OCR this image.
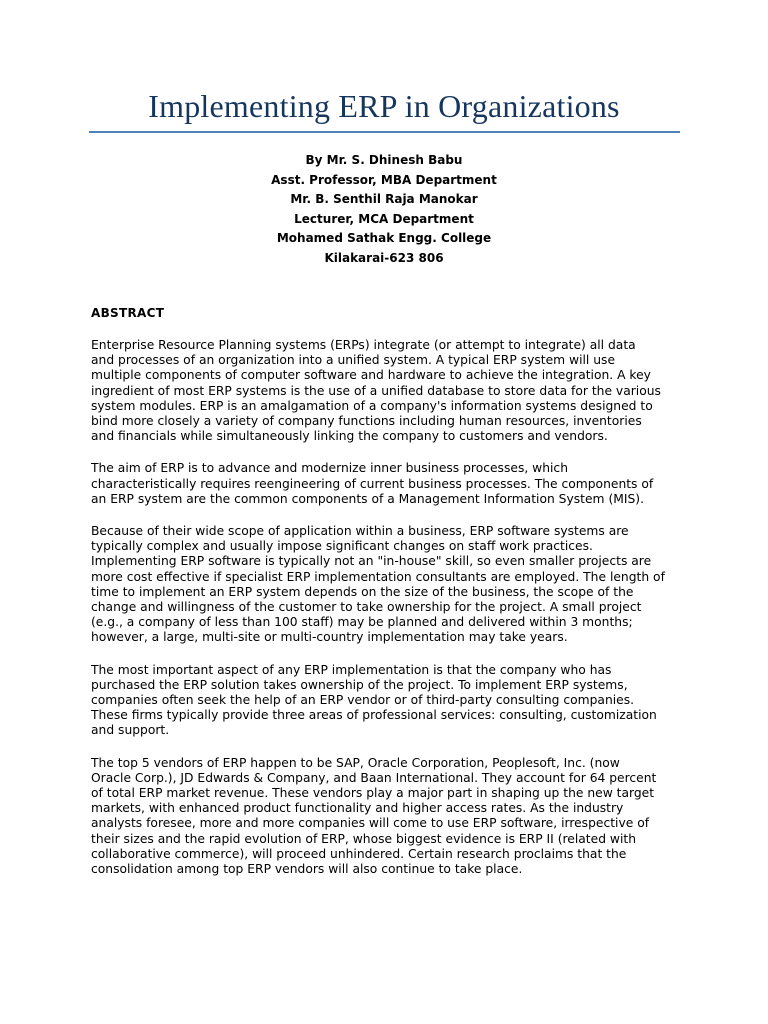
Implementing ERP in Organizations
By Mr. S. Dhinesh Babu
Asst. Professor, MBA Department
Mr. B. Senthil Raja Manokar
Lecturer, MCA Department
Mohamed Sathak Engg. College
Kilakarai-623 806
ABSTRACT

Enterprise Resource Planning systems (ERPs) integrate (or attempt to integrate) all data
and processes of an organization into a unified system. A typical ERP system will use
multiple components of computer software and hardware to achieve the integration. A key
ingredient of most ERP systems is the use of a unified database to store data for the various
system modules. ERP is an amalgamation of a company's information systems designed to
bind more closely a variety of company functions including human resources, inventories
and financials while simultaneously linking the company to customers and vendors.

The aim of ERP is to advance and modernize inner business processes, which
characteristically requires reengineering of current business processes. The components of
an ERP system are the common components of a Management Information System (MIS).

Because of their wide scope of application within a business, ERP software systems are
typically complex and usually impose significant changes on staff work practices.
Implementing ERP software is typically not an "in-house" skill, so even smaller projects are
more cost effective if specialist ERP implementation consultants are employed. The length of
time to implement an ERP system depends on the size of the business, the scope of the
change and willingness of the customer to take ownership for the project. A small project
(e.g., a company of less than 100 staff) may be planned and delivered within 3 months;
however, a large, multi-site or multi-country implementation may take years.

The most important aspect of any ERP implementation is that the company who has
purchased the ERP solution takes ownership of the project. To implement ERP systems,
companies often seek the help of an ERP vendor or of third-party consulting companies.
These firms typically provide three areas of professional services: consulting, customization
and support.

The top 5 vendors of ERP happen to be SAP, Oracle Corporation, Peoplesoft, Inc. (now
Oracle Corp.), JD Edwards & Company, and Baan International. They account for 64 percent
of total ERP market revenue. These vendors play a major part in shaping up the new target
markets, with enhanced product functionality and higher access rates. As the industry
analysts foresee, more and more companies will come to use ERP software, irrespective of
their sizes and the rapid evolution of ERP, whose biggest evidence is ERP II (related with
collaborative commerce), will proceed unhindered. Certain research proclaims that the
consolidation among top ERP vendors will also continue to take place.
